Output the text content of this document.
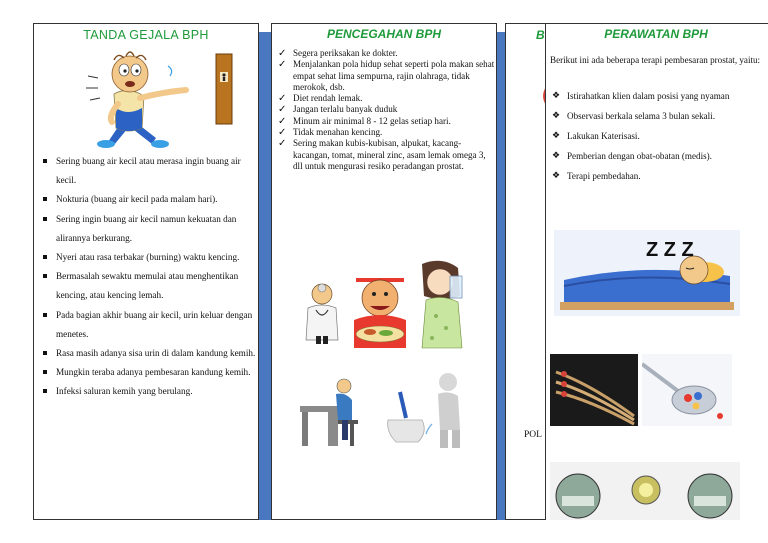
TANDA GEJALA BPH
Sering buang air kecil atau merasa ingin buang air kecil.
Nokturia (buang air kecil pada malam hari).
Sering ingin buang air kecil namun kekuatan dan alirannya berkurang.
Nyeri atau rasa terbakar (burning) waktu kencing.
Bermasalah sewaktu memulai atau menghentikan kencing, atau kencing lemah.
Pada bagian akhir buang air kecil, urin keluar dengan menetes.
Rasa masih adanya sisa urin di dalam kandung kemih.
Mungkin teraba adanya pembesaran kandung kemih.
Infeksi saluran kemih yang berulang.
PENCEGAHAN BPH
✓ Segera periksakan ke dokter.
✓ Menjalankan pola hidup sehat seperti pola makan sehat empat sehat lima sempurna, rajin olahraga, tidak merokok, dsb.
✓ Diet rendah lemak.
✓ Jangan terlalu banyak duduk
✓ Minum air minimal 8 - 12 gelas setiap hari.
✓ Tidak menahan kencing.
✓ Sering makan kubis-kubisan, alpukat, kacang-kacangan, tomat, mineral zinc, asam lemak omega 3, dll untuk mengurasi resiko peradangan prostat.
B
POL
PERAWATAN BPH
Berikut ini ada beberapa terapi pembesaran prostat, yaitu:
❖ Istirahatkan klien dalam posisi yang nyaman
❖ Observasi berkala selama 3 bulan sekali.
❖ Lakukan Katerisasi.
❖ Pemberian dengan obat-obatan (medis).
❖ Terapi pembedahan.
Z Z Z
